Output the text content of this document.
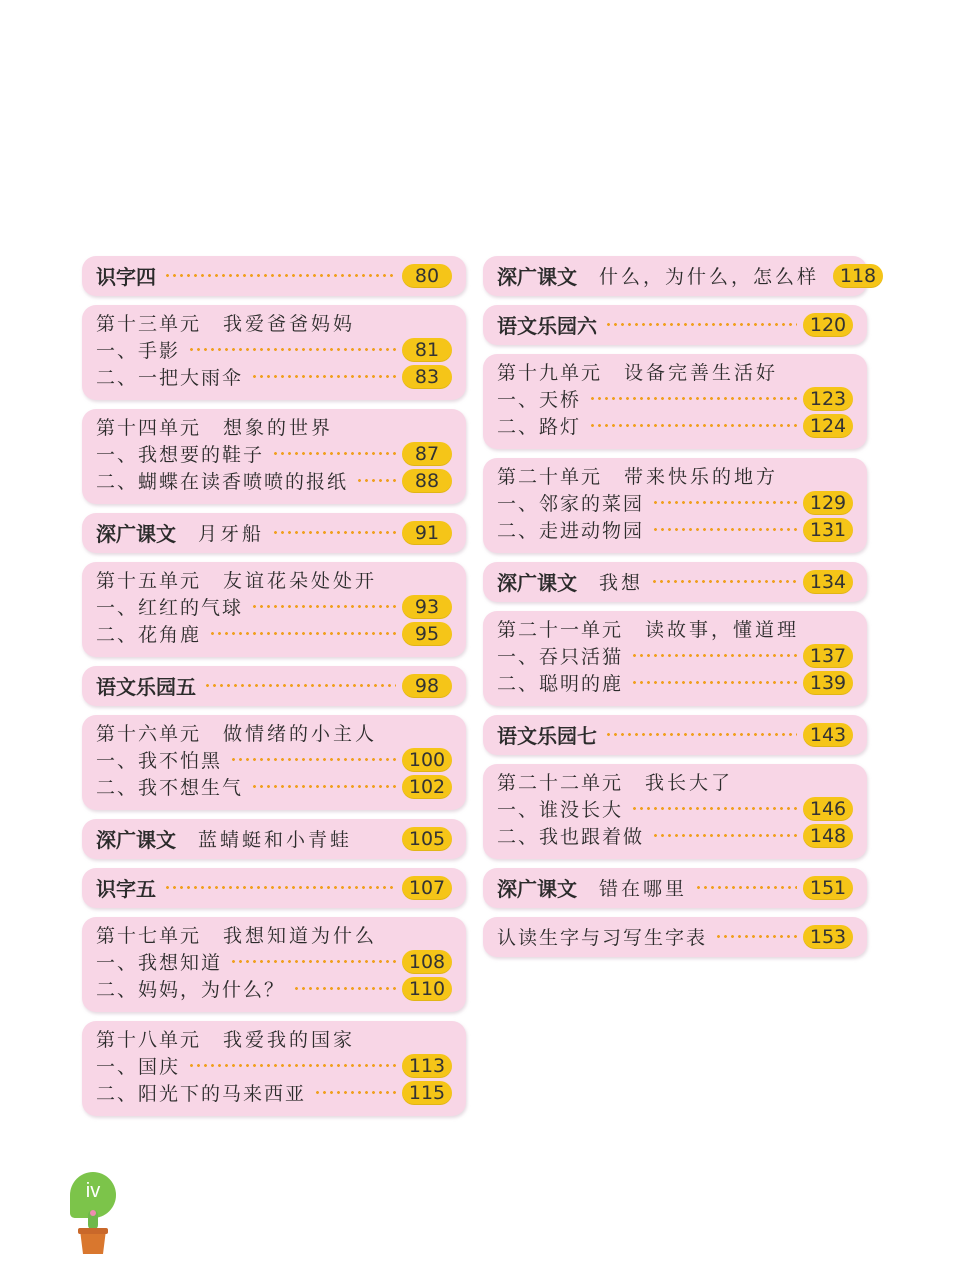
识字四	80
第十三单元 我爱爸爸妈妈
一、手影	81
二、一把大雨伞	83
第十四单元 想象的世界
一、我想要的鞋子	87
二、蝴蝶在读香喷喷的报纸	88
深广课文 月牙船	91
第十五单元 友谊花朵处处开
一、红红的气球	93
二、花角鹿	95
语文乐园五	98
第十六单元 做情绪的小主人
一、我不怕黑	100
二、我不想生气	102
深广课文 蓝蜻蜓和小青蛙	105
识字五	107
第十七单元 我想知道为什么
一、我想知道	108
二、妈妈，为什么？	110
第十八单元 我爱我的国家
一、国庆	113
二、阳光下的马来西亚	115
深广课文 什么，为什么，怎么样	118
语文乐园六	120
第十九单元 设备完善生活好
一、天桥	123
二、路灯	124
第二十单元 带来快乐的地方
一、邻家的菜园	129
二、走进动物园	131
深广课文 我想	134
第二十一单元 读故事，懂道理
一、吞只活猫	137
二、聪明的鹿	139
语文乐园七	143
第二十二单元 我长大了
一、谁没长大	146
二、我也跟着做	148
深广课文 错在哪里	151
认读生字与习写生字表	153
iv
